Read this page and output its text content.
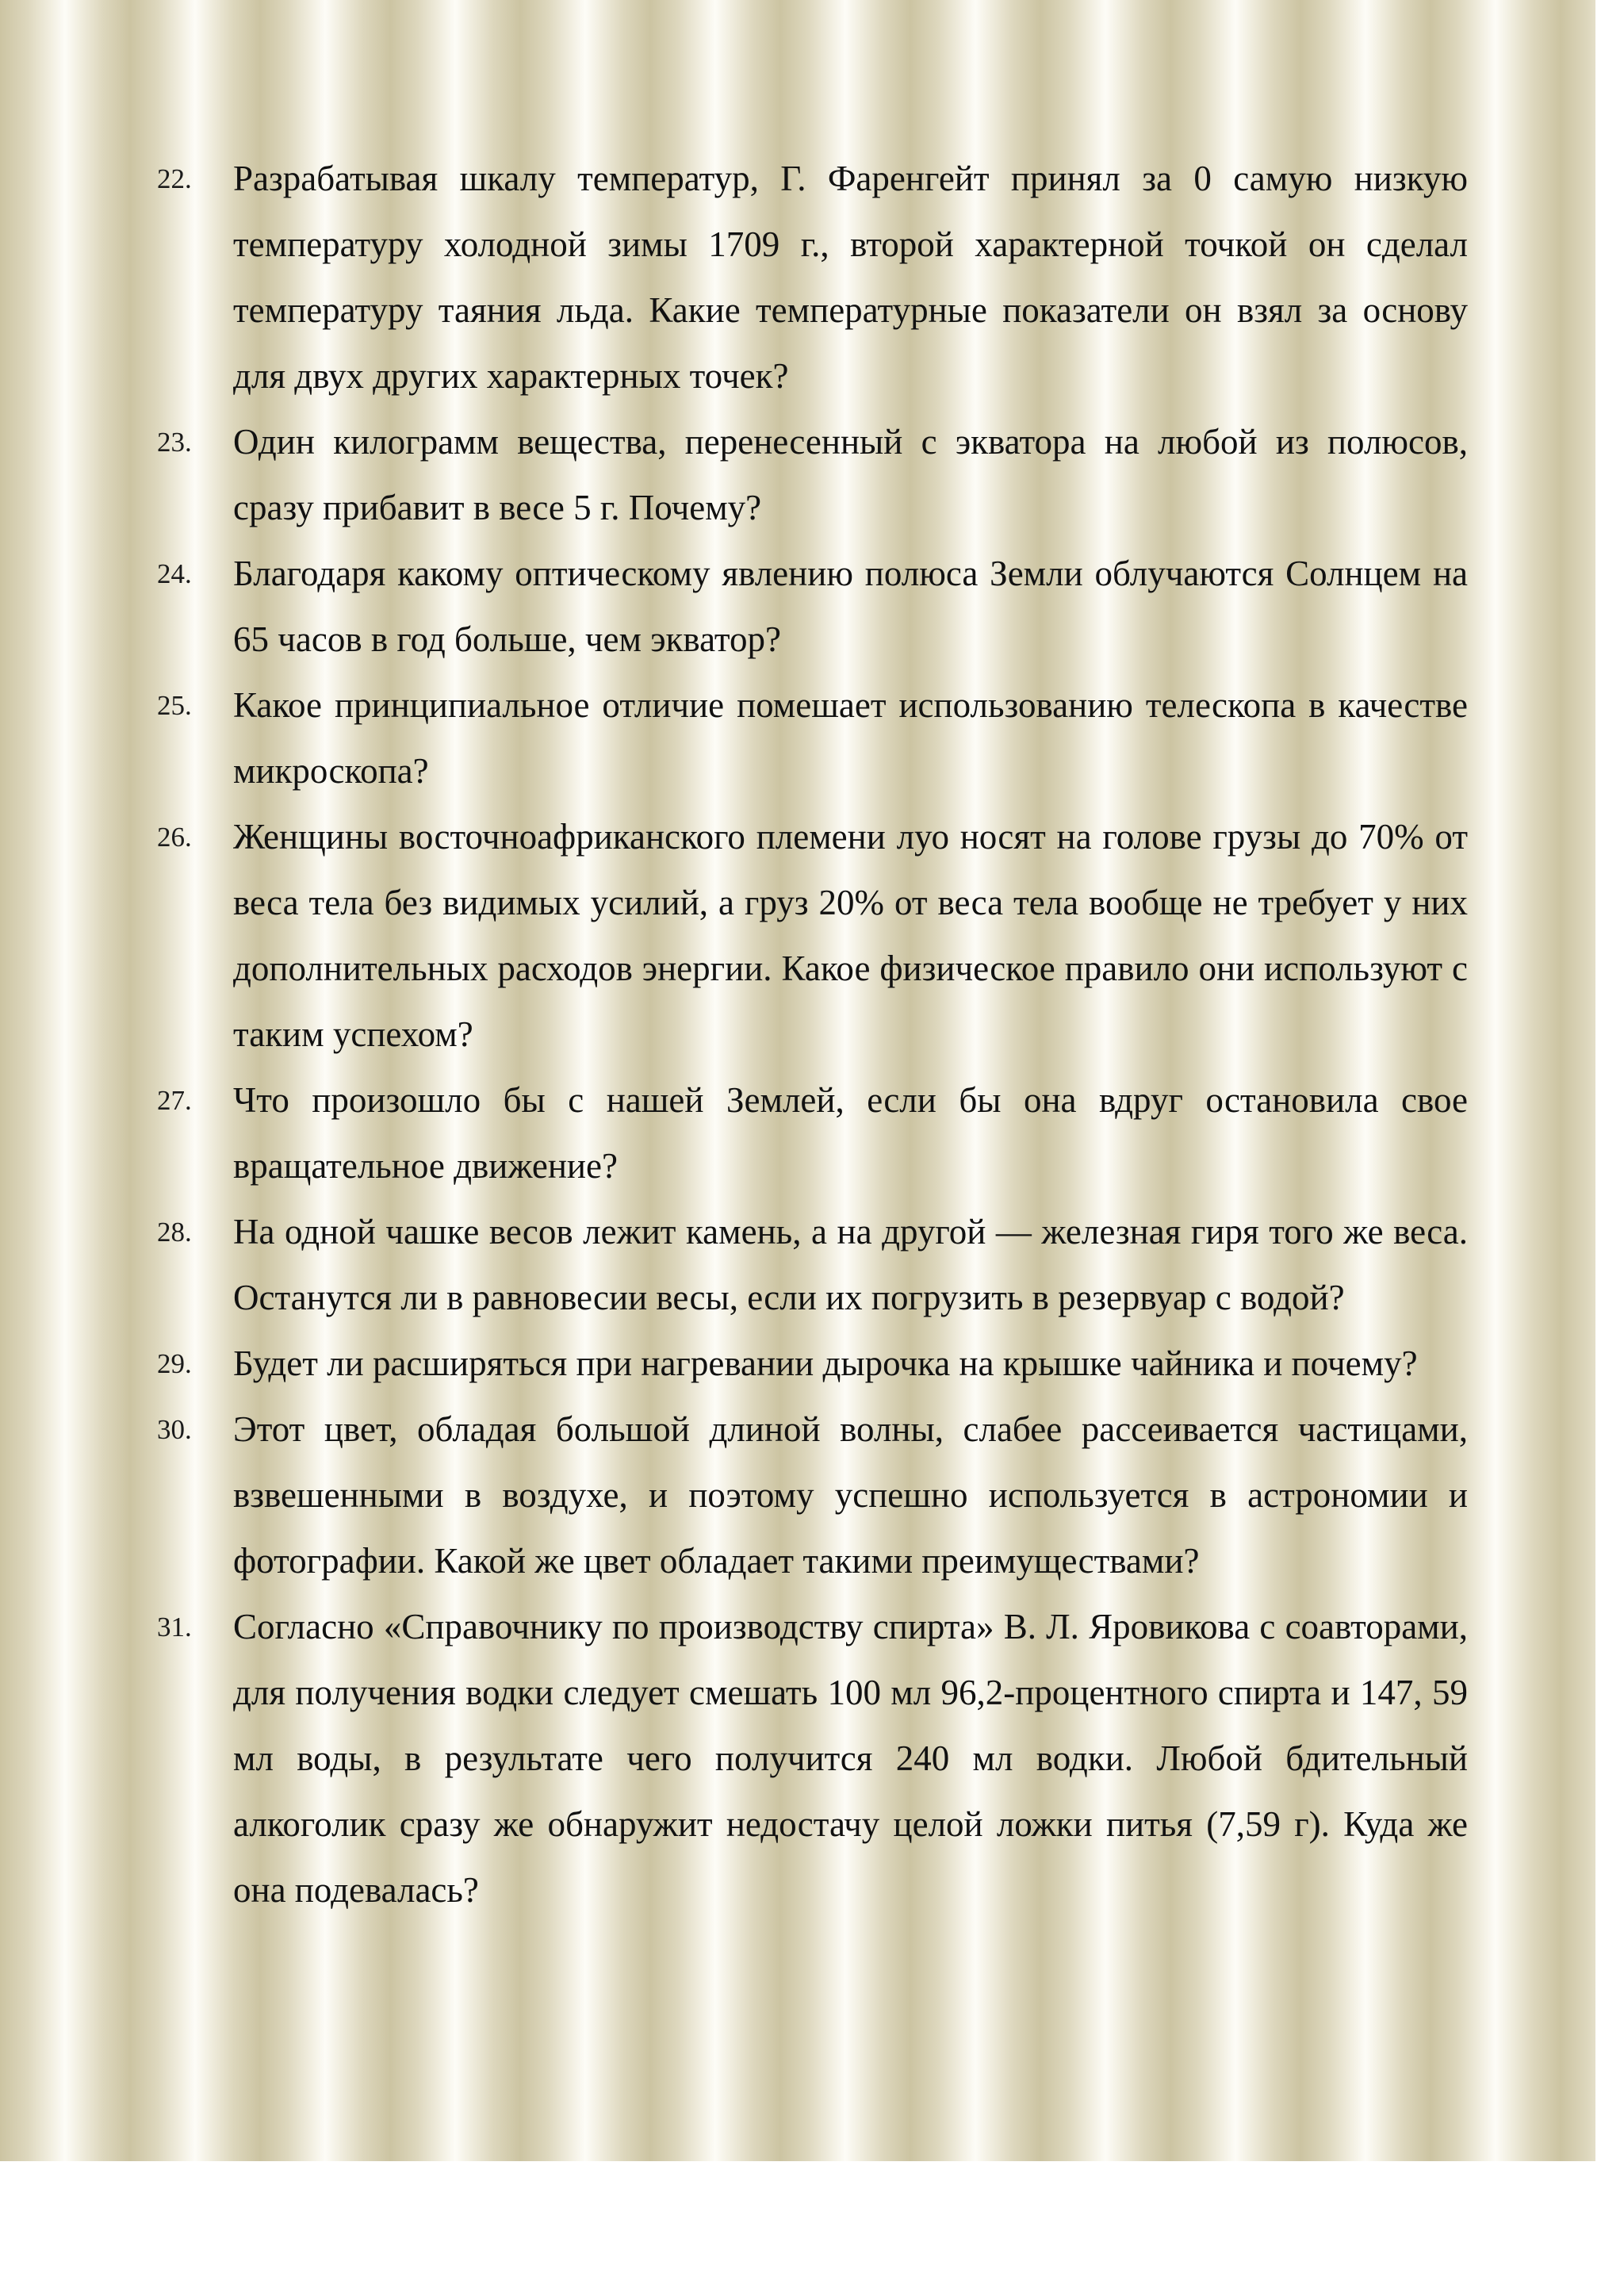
22.	Разрабатывая шкалу температур, Г. Фаренгейт принял за 0 самую низкую температуру холодной зимы 1709 г., второй характерной точкой он сделал температуру таяния льда. Какие температурные показатели он взял за основу для двух других характерных точек?
23.	Один килограмм вещества, перенесенный с экватора на любой из полюсов, сразу прибавит в весе 5 г. Почему?
24.	Благодаря какому оптическому явлению полюса Земли облучаются Солнцем на 65 часов в год больше, чем экватор?
25.	Какое принципиальное отличие помешает использованию телескопа в качестве микроскопа?
26.	Женщины восточноафриканского племени луо носят на голове грузы до 70% от веса тела без видимых усилий, а груз 20% от веса тела вообще не требует у них дополнительных расходов энергии. Какое физическое правило они используют с таким успехом?
27.	Что произошло бы с нашей Землей, если бы она вдруг остановила свое вращательное движение?
28.	На одной чашке весов лежит камень, а на другой — железная гиря того же веса. Останутся ли в равновесии весы, если их погрузить в резервуар с водой?
29.	Будет ли расширяться при нагревании дырочка на крышке чайника и почему?
30.	Этот цвет, обладая большой длиной волны, слабее рассеивается частицами, взвешенными в воздухе, и поэтому успешно используется в астрономии и фотографии. Какой же цвет обладает такими преимуществами?
31.	Согласно «Справочнику по производству спирта» В. Л. Яровикова с соавторами, для получения водки следует смешать 100 мл 96,2-процентного спирта и 147, 59 мл воды, в результате чего получится 240 мл водки. Любой бдительный алкоголик сразу же обнаружит недостачу целой ложки питья (7,59 г). Куда же она подевалась?
